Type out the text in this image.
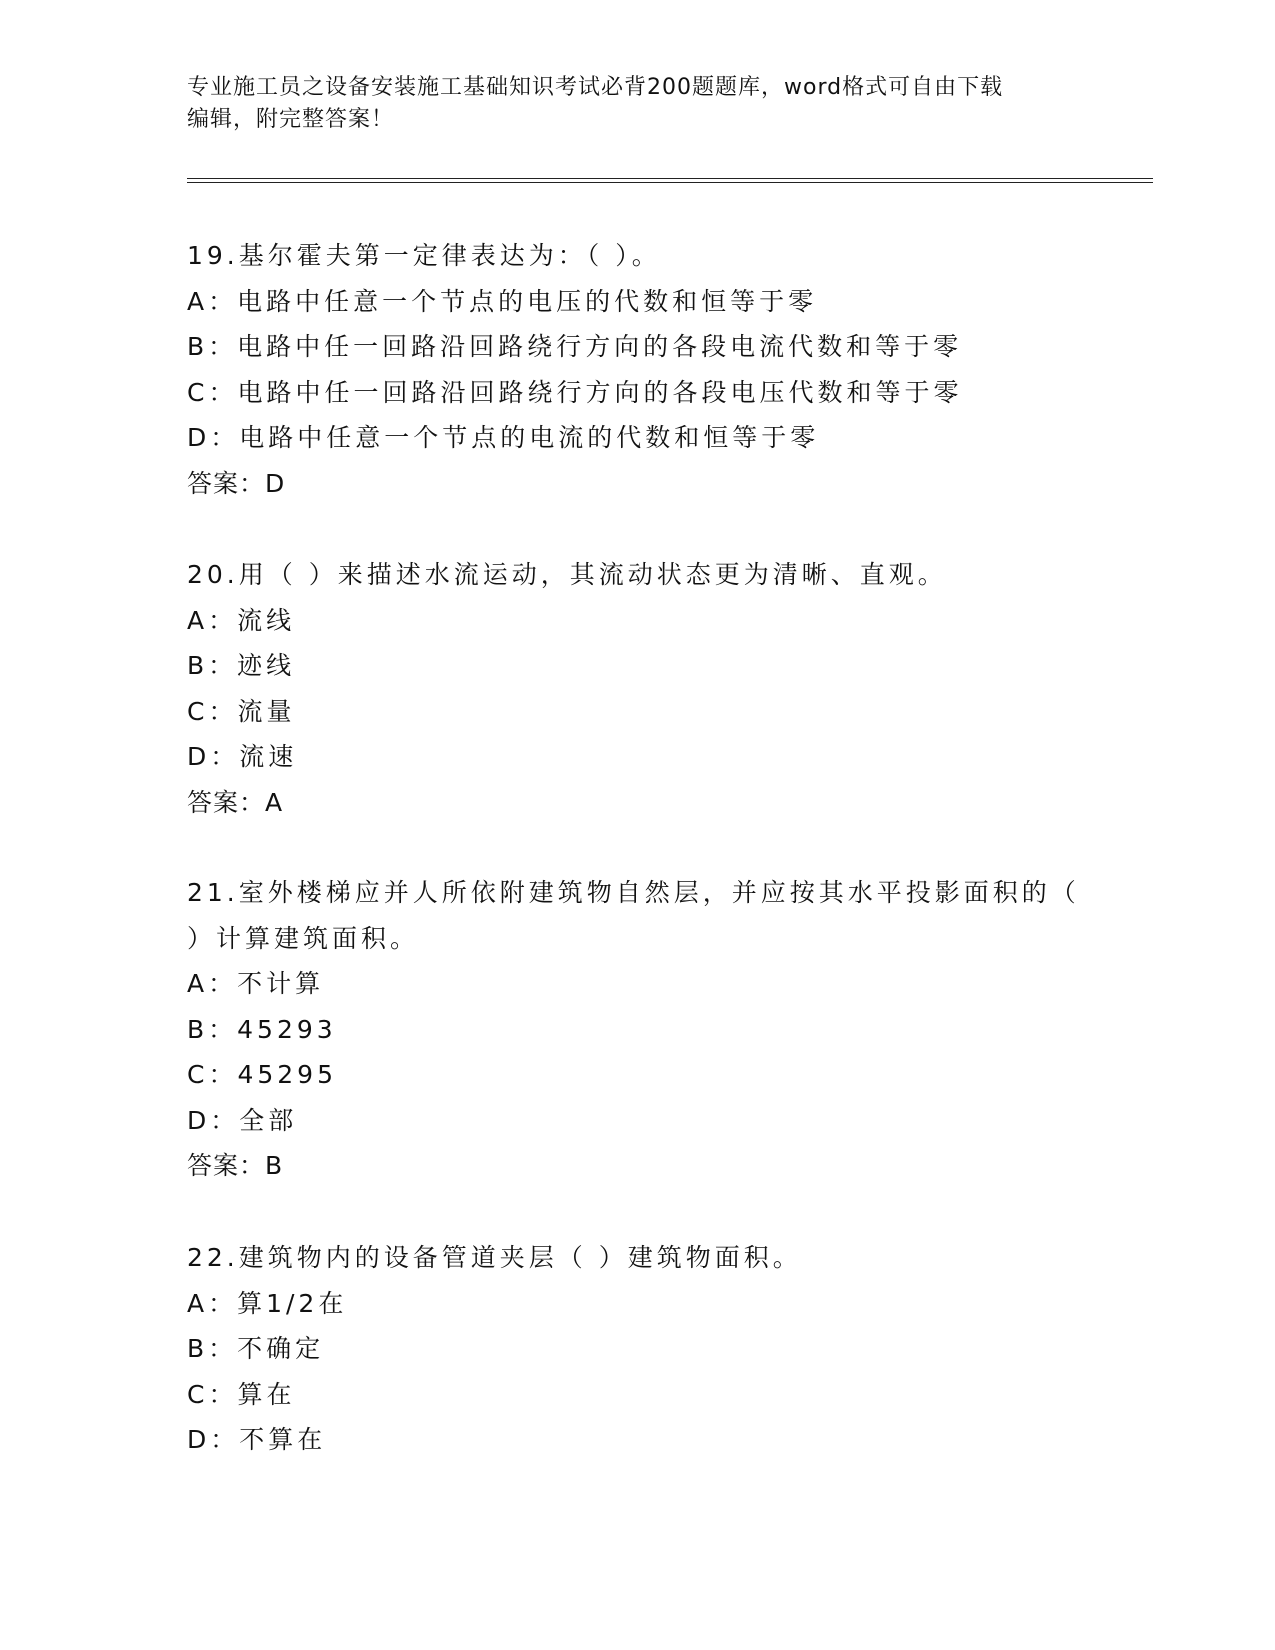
专业施工员之设备安装施工基础知识考试必背200题题库，word格式可自由下载
编辑，附完整答案！
19.基尔霍夫第一定律表达为：（ ）。
A：电路中任意一个节点的电压的代数和恒等于零
B：电路中任一回路沿回路绕行方向的各段电流代数和等于零
C：电路中任一回路沿回路绕行方向的各段电压代数和等于零
D：电路中任意一个节点的电流的代数和恒等于零
答案：D
20.用（ ）来描述水流运动，其流动状态更为清晰、直观。
A：流线
B：迹线
C：流量
D：流速
答案：A
21.室外楼梯应并人所依附建筑物自然层，并应按其水平投影面积的（
）计算建筑面积。
A：不计算
B：45293
C：45295
D：全部
答案：B
22.建筑物内的设备管道夹层（ ）建筑物面积。
A：算1/2在
B：不确定
C：算在
D：不算在
